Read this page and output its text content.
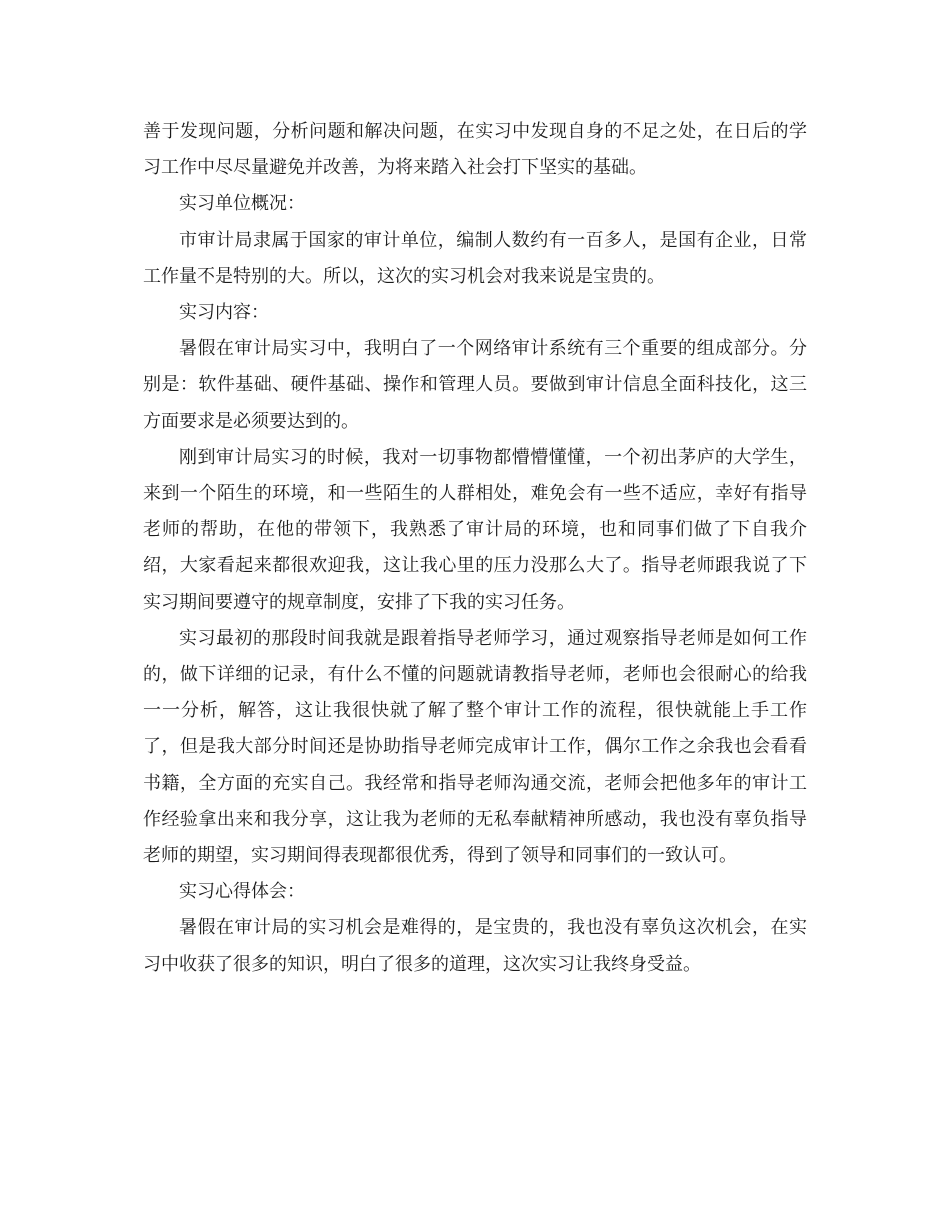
善于发现问题，分析问题和解决问题，在实习中发现自身的不足之处，在日后的学习工作中尽尽量避免并改善，为将来踏入社会打下坚实的基础。

实习单位概况：

市审计局隶属于国家的审计单位，编制人数约有一百多人，是国有企业，日常工作量不是特别的大。所以，这次的实习机会对我来说是宝贵的。

实习内容：

暑假在审计局实习中，我明白了一个网络审计系统有三个重要的组成部分。分别是：软件基础、硬件基础、操作和管理人员。要做到审计信息全面科技化，这三方面要求是必须要达到的。

刚到审计局实习的时候，我对一切事物都懵懵懂懂，一个初出茅庐的大学生，来到一个陌生的环境，和一些陌生的人群相处，难免会有一些不适应，幸好有指导老师的帮助，在他的带领下，我熟悉了审计局的环境，也和同事们做了下自我介绍，大家看起来都很欢迎我，这让我心里的压力没那么大了。指导老师跟我说了下实习期间要遵守的规章制度，安排了下我的实习任务。

实习最初的那段时间我就是跟着指导老师学习，通过观察指导老师是如何工作的，做下详细的记录，有什么不懂的问题就请教指导老师，老师也会很耐心的给我一一分析，解答，这让我很快就了解了整个审计工作的流程，很快就能上手工作了，但是我大部分时间还是协助指导老师完成审计工作，偶尔工作之余我也会看看书籍，全方面的充实自己。我经常和指导老师沟通交流，老师会把他多年的审计工作经验拿出来和我分享，这让我为老师的无私奉献精神所感动，我也没有辜负指导老师的期望，实习期间得表现都很优秀，得到了领导和同事们的一致认可。

实习心得体会：

暑假在审计局的实习机会是难得的，是宝贵的，我也没有辜负这次机会，在实习中收获了很多的知识，明白了很多的道理，这次实习让我终身受益。
